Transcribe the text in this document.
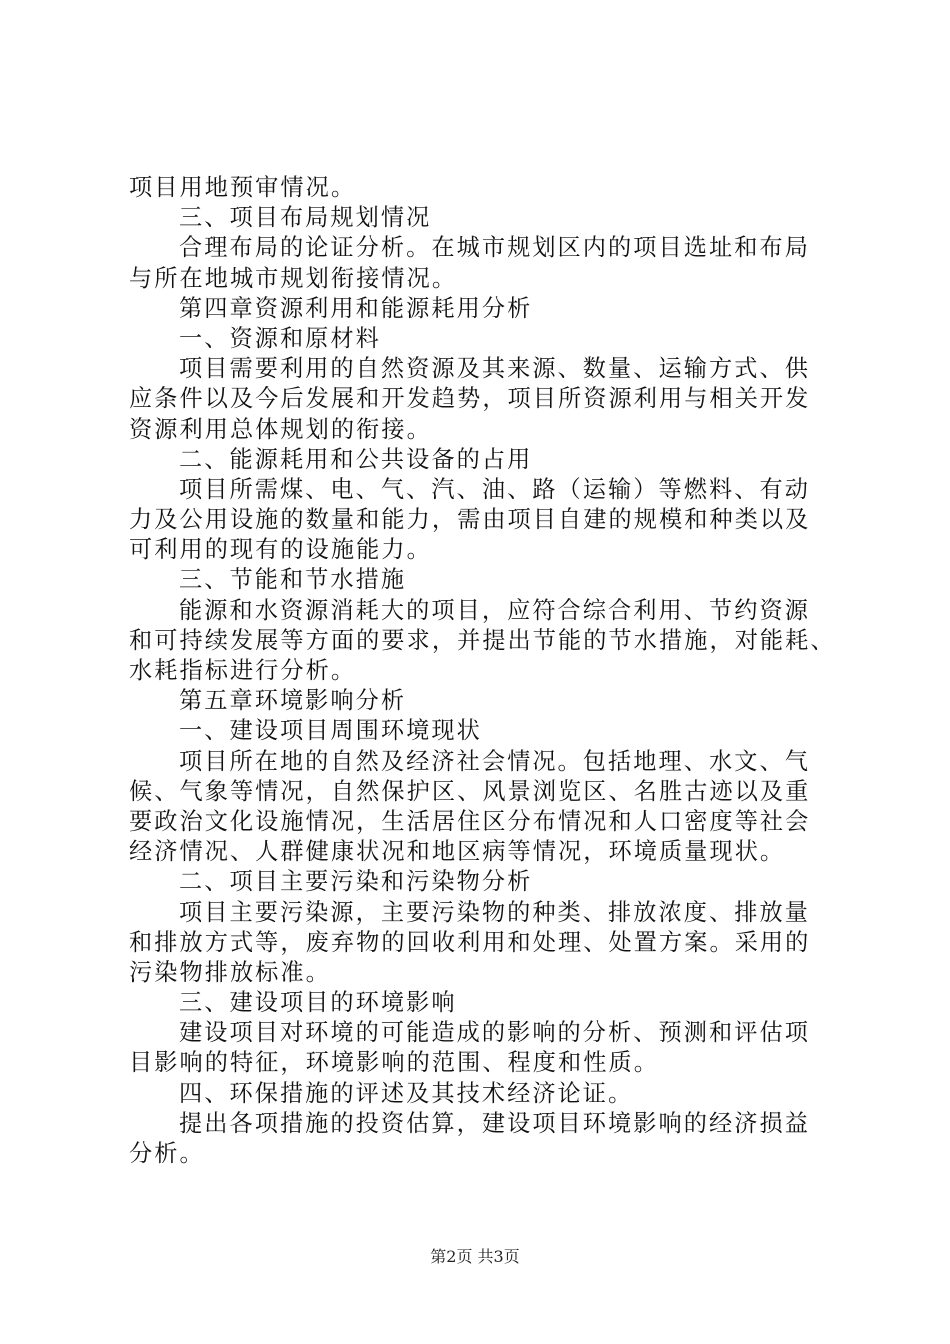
项目用地预审情况。
三、项目布局规划情况
合理布局的论证分析。在城市规划区内的项目选址和布局
与所在地城市规划衔接情况。
第四章资源利用和能源耗用分析
一、资源和原材料
项目需要利用的自然资源及其来源、数量、运输方式、供
应条件以及今后发展和开发趋势，项目所资源利用与相关开发
资源利用总体规划的衔接。
二、能源耗用和公共设备的占用
项目所需煤、电、气、汽、油、路（运输）等燃料、有动
力及公用设施的数量和能力，需由项目自建的规模和种类以及
可利用的现有的设施能力。
三、节能和节水措施
能源和水资源消耗大的项目，应符合综合利用、节约资源
和可持续发展等方面的要求，并提出节能的节水措施，对能耗、
水耗指标进行分析。
第五章环境影响分析
一、建设项目周围环境现状
项目所在地的自然及经济社会情况。包括地理、水文、气
候、气象等情况，自然保护区、风景浏览区、名胜古迹以及重
要政治文化设施情况，生活居住区分布情况和人口密度等社会
经济情况、人群健康状况和地区病等情况，环境质量现状。
二、项目主要污染和污染物分析
项目主要污染源，主要污染物的种类、排放浓度、排放量
和排放方式等，废弃物的回收利用和处理、处置方案。采用的
污染物排放标准。
三、建设项目的环境影响
建设项目对环境的可能造成的影响的分析、预测和评估项
目影响的特征，环境影响的范围、程度和性质。
四、环保措施的评述及其技术经济论证。
提出各项措施的投资估算，建设项目环境影响的经济损益
分析。
第2页 共3页
